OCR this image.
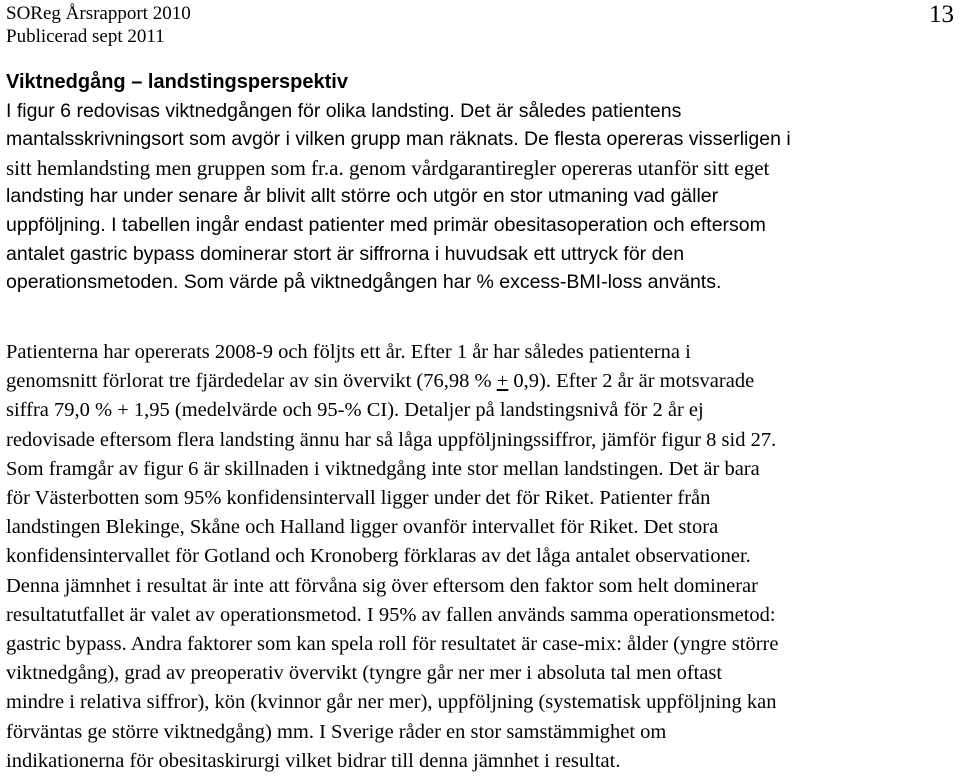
SOReg Årsrapport 2010
Publicerad sept 2011
13
Viktnedgång – landstingsperspektiv
I figur 6 redovisas viktnedgången för olika landsting. Det är således patientens
mantalsskrivningsort som avgör i vilken grupp man räknats. De flesta opereras visserligen i
sitt hemlandsting men gruppen som fr.a. genom vårdgarantiregler opereras utanför sitt eget
landsting har under senare år blivit allt större och utgör en stor utmaning vad gäller
uppföljning. I tabellen ingår endast patienter med primär obesitasoperation och eftersom
antalet gastric bypass dominerar stort är siffrorna i huvudsak ett uttryck för den
operationsmetoden. Som värde på viktnedgången har % excess-BMI-loss använts.
Patienterna har opererats 2008-9 och följts ett år. Efter 1 år har således patienterna i
genomsnitt förlorat tre fjärdedelar av sin övervikt (76,98 % + 0,9). Efter 2 år är motsvarade
siffra 79,0 % + 1,95 (medelvärde och 95-% CI). Detaljer på landstingsnivå för 2 år ej
redovisade eftersom flera landsting ännu har så låga uppföljningssiffror, jämför figur 8 sid 27.
Som framgår av figur 6 är skillnaden i viktnedgång inte stor mellan landstingen. Det är bara
för Västerbotten som 95% konfidensintervall ligger under det för Riket. Patienter från
landstingen Blekinge, Skåne och Halland ligger ovanför intervallet för Riket. Det stora
konfidensintervallet för Gotland och Kronoberg förklaras av det låga antalet observationer.
Denna jämnhet i resultat är inte att förvåna sig över eftersom den faktor som helt dominerar
resultatutfallet är valet av operationsmetod. I 95% av fallen används samma operationsmetod:
gastric bypass. Andra faktorer som kan spela roll för resultatet är case-mix: ålder (yngre större
viktnedgång), grad av preoperativ övervikt (tyngre går ner mer i absoluta tal men oftast
mindre i relativa siffror), kön (kvinnor går ner mer), uppföljning (systematisk uppföljning kan
förväntas ge större viktnedgång) mm. I Sverige råder en stor samstämmighet om
indikationerna för obesitaskirurgi vilket bidrar till denna jämnhet i resultat.
